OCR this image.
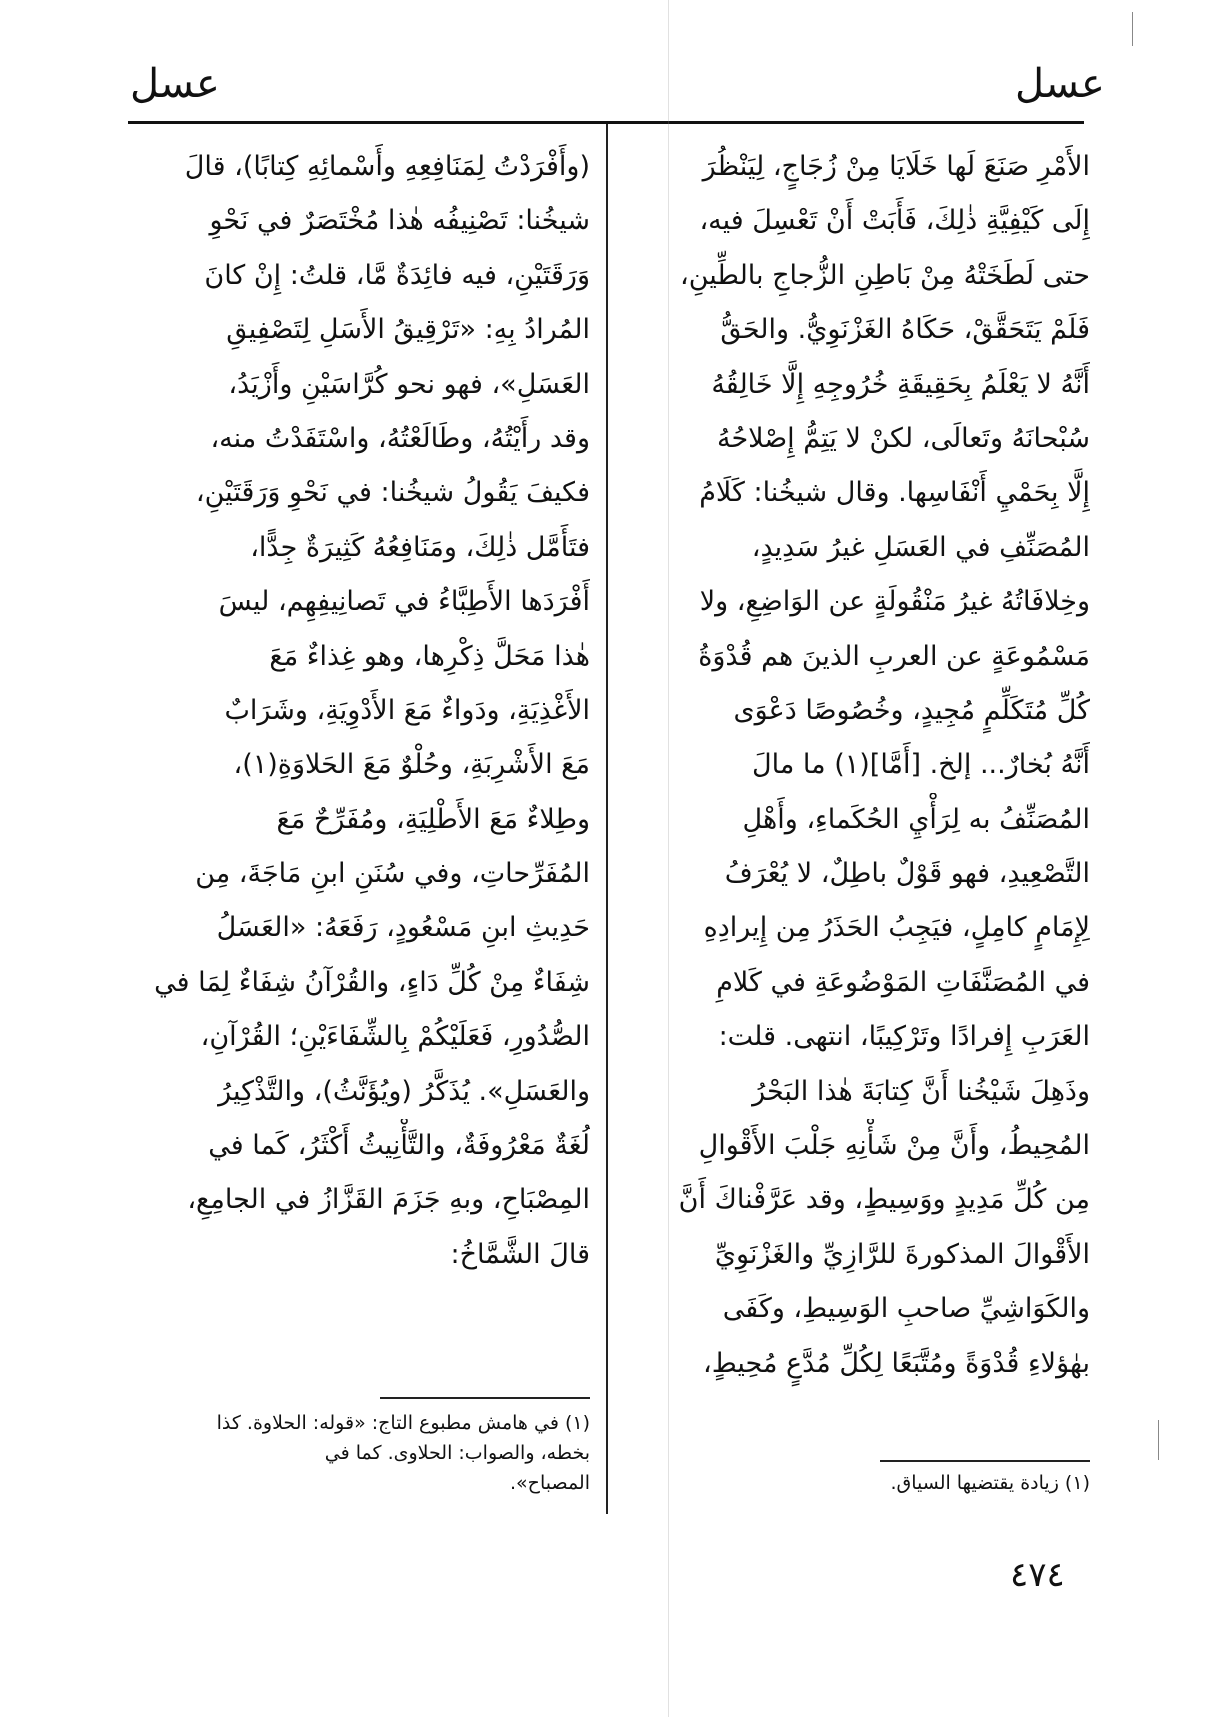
عسل
عسل
الأَمْرِ صَنَعَ لَها خَلَايَا مِنْ زُجَاجٍ، لِيَنْظُرَ
إِلَى كَيْفِيَّةِ ذٰلِكَ، فَأَبَتْ أَنْ تَعْسِلَ فيه،
حتى لَطَخَتْهُ مِنْ بَاطِنِ الزُّجاجِ بالطِّينِ،
فَلَمْ يَتَحَقَّقْ، حَكَاهُ الغَزْنَوِيُّ. والحَقُّ
أَنَّهُ لا يَعْلَمُ بِحَقِيقَةِ خُرُوجِهِ إِلَّا خَالِقُهُ
سُبْحانَهُ وتَعالَى، لكنْ لا يَتِمُّ إِصْلاحُهُ
إِلَّا بِحَمْيِ أَنْفَاسِها. وقال شيخُنا: كَلَامُ
المُصَنِّفِ في العَسَلِ غيرُ سَدِيدٍ،
وخِلافَاتُهُ غيرُ مَنْقُولَةٍ عن الوَاضِعِ، ولا
مَسْمُوعَةٍ عن العربِ الذينَ هم قُدْوَةُ
كُلِّ مُتَكَلِّمٍ مُجِيدٍ، وخُصُوصًا دَعْوَى
أَنَّهُ بُخارٌ... إلخ. [أَمَّا](١) ما مالَ
المُصَنِّفُ به لِرَأْيِ الحُكَماءِ، وأَهْلِ
التَّصْعِيدِ، فهو قَوْلٌ باطِلٌ، لا يُعْرَفُ
لِإِمَامٍ كامِلٍ، فيَجِبُ الحَذَرُ مِن إِيرادِهِ
في المُصَنَّفَاتِ المَوْضُوعَةِ في كَلامِ
العَرَبِ إِفرادًا وتَرْكِيبًا، انتهى. قلت:
وذَهِلَ شَيْخُنا أَنَّ كِتابَةَ هٰذا البَحْرُ
المُحِيطُ، وأَنَّ مِنْ شَأْنِهِ جَلْبَ الأَقْوالِ
مِن كُلِّ مَدِيدٍ ووَسِيطٍ، وقد عَرَّفْناكَ أَنَّ
الأَقْوالَ المذكورةَ للرَّازِيِّ والغَزْنَوِيِّ
والكَوَاشِيِّ صاحبِ الوَسِيطِ، وكَفَى
بهٰؤلاءِ قُدْوَةً ومُتَّبَعًا لِكُلِّ مُدَّعٍ مُحِيطٍ،
(وأَفْرَدْتُ لِمَنَافِعِهِ وأَسْمائِهِ كِتابًا)، قالَ
شيخُنا: تَصْنِيفُه هٰذا مُخْتَصَرٌ في نَحْوِ
وَرَقَتَيْنِ، فيه فائِدَةٌ مَّا، قلتُ: إِنْ كانَ
المُرادُ بِهِ: «تَرْقِيقُ الأَسَلِ لِتَصْفِيقِ
العَسَلِ»، فهو نحو كُرَّاسَيْنِ وأَزْيَدُ،
وقد رأَيْتُهُ، وطَالَعْتُهُ، واسْتَفَدْتُ منه،
فكيفَ يَقُولُ شيخُنا: في نَحْوِ وَرَقَتَيْنِ،
فتَأَمَّل ذٰلِكَ، ومَنَافِعُهُ كَثِيرَةٌ جِدًّا،
أَفْرَدَها الأَطِبَّاءُ في تَصانِيفِهِم، ليسَ
هٰذا مَحَلَّ ذِكْرِها، وهو غِذاءٌ مَعَ
الأَغْذِيَةِ، ودَواءٌ مَعَ الأَدْوِيَةِ، وشَرَابٌ
مَعَ الأَشْرِبَةِ، وحُلْوٌ مَعَ الحَلاوَةِ(١)،
وطِلاءٌ مَعَ الأَطْلِيَةِ، ومُفَرِّحٌ مَعَ
المُفَرِّحاتِ، وفي سُنَنِ ابنِ مَاجَةَ، مِن
حَدِيثِ ابنِ مَسْعُودٍ، رَفَعَهُ: «العَسَلُ
شِفَاءٌ مِنْ كُلِّ دَاءٍ، والقُرْآنُ شِفَاءٌ لِمَا في
الصُّدُورِ، فَعَلَيْكُمْ بِالشِّفَاءَيْنِ؛ القُرْآنِ،
والعَسَلِ». يُذَكَّرُ (ويُؤَنَّثُ)، والتَّذْكِيرُ
لُغَةٌ مَعْرُوفَةٌ، والتَّأْنِيثُ أَكْثَرُ، كَما في
المِصْبَاحِ، وبهِ جَزَمَ القَزَّازُ في الجامِعِ،
قالَ الشَّمَّاخُ:
(١) زيادة يقتضيها السياق.
(١) في هامش مطبوع التاج: «قوله: الحلاوة. كذا
بخطه، والصواب: الحلاوى. كما في
المصباح».
٤٧٤
